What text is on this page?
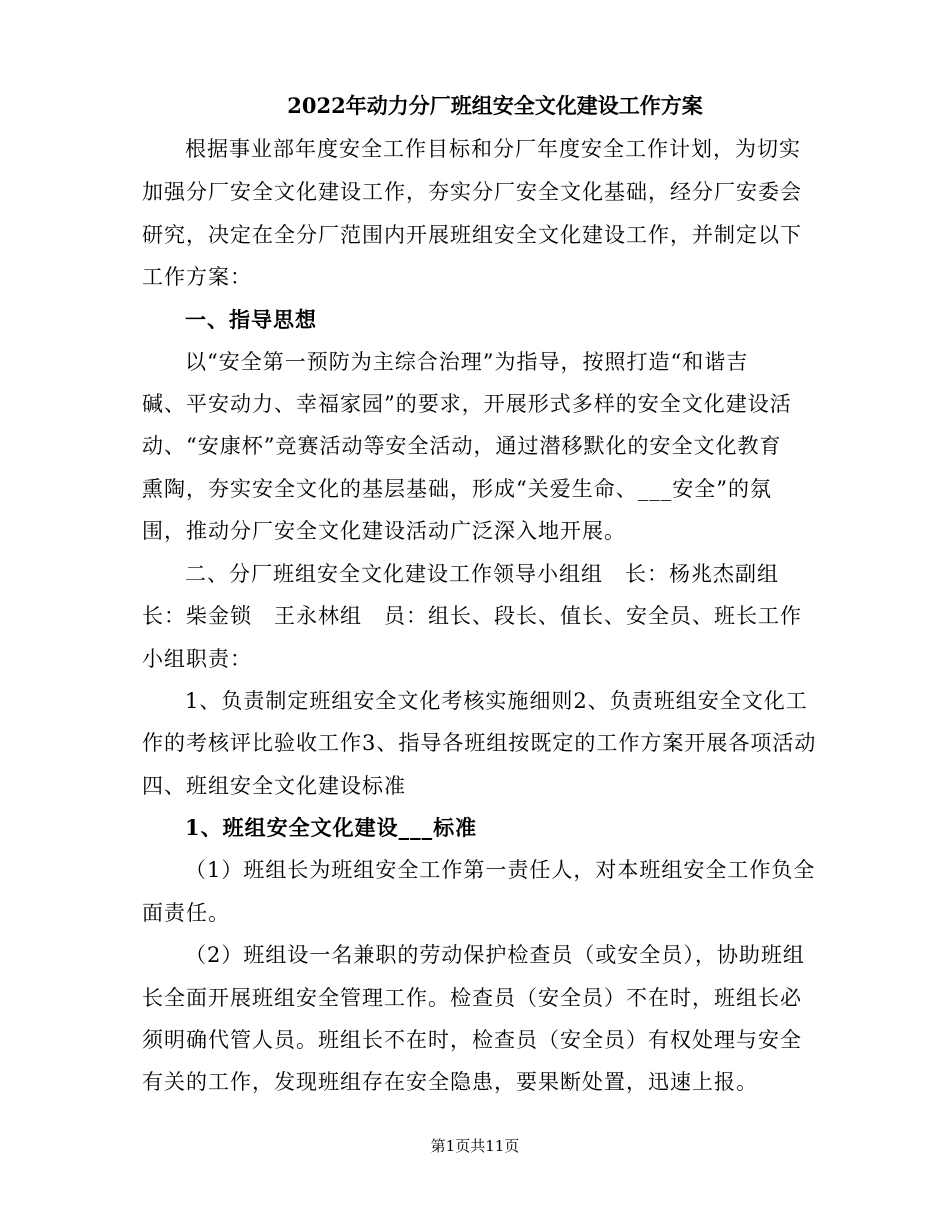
2022年动力分厂班组安全文化建设工作方案
根据事业部年度安全工作目标和分厂年度安全工作计划，为切实
加强分厂安全文化建设工作，夯实分厂安全文化基础，经分厂安委会
研究，决定在全分厂范围内开展班组安全文化建设工作，并制定以下
工作方案：
一、指导思想
以“安全第一预防为主综合治理”为指导，按照打造“和谐吉
碱、平安动力、幸福家园”的要求，开展形式多样的安全文化建设活
动、“安康杯”竞赛活动等安全活动，通过潜移默化的安全文化教育
熏陶，夯实安全文化的基层基础，形成“关爱生命、___安全”的氛
围，推动分厂安全文化建设活动广泛深入地开展。
二、分厂班组安全文化建设工作领导小组组　长：杨兆杰副组
长：柴金锁　王永林组　员：组长、段长、值长、安全员、班长工作
小组职责：
1、负责制定班组安全文化考核实施细则2、负责班组安全文化工
作的考核评比验收工作3、指导各班组按既定的工作方案开展各项活动
四、班组安全文化建设标准
1、班组安全文化建设___标准
（1）班组长为班组安全工作第一责任人，对本班组安全工作负全
面责任。
（2）班组设一名兼职的劳动保护检查员（或安全员），协助班组
长全面开展班组安全管理工作。检查员（安全员）不在时，班组长必
须明确代管人员。班组长不在时，检查员（安全员）有权处理与安全
有关的工作，发现班组存在安全隐患，要果断处置，迅速上报。
第1页共11页
